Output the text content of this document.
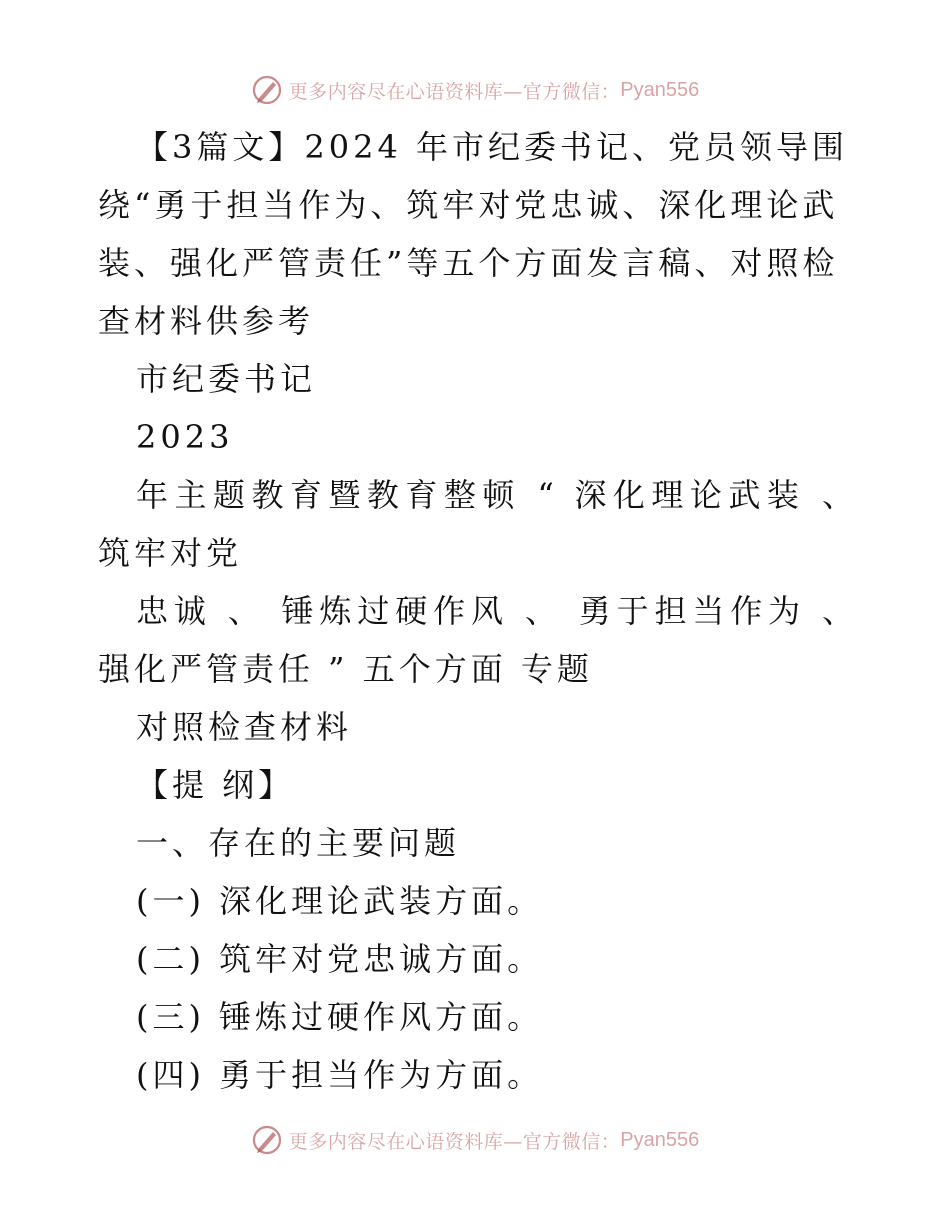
更多内容尽在心语资料库—官方微信： Pyan556

【3篇文】2024 年市纪委书记、党员领导围绕“勇于担当作为、筑牢对党忠诚、深化理论武装、强化严管责任”等五个方面发言稿、对照检查材料供参考

市纪委书记

2023

年主题教育暨教育整顿 “ 深化理论武装 、 筑牢对党

忠诚 、 锤炼过硬作风 、 勇于担当作为 、 强化严管责任 ” 五个方面 专题

对照检查材料

【提 纲】

一、存在的主要问题

(一) 深化理论武装方面。

(二) 筑牢对党忠诚方面。

(三) 锤炼过硬作风方面。

(四) 勇于担当作为方面。

更多内容尽在心语资料库—官方微信： Pyan556
